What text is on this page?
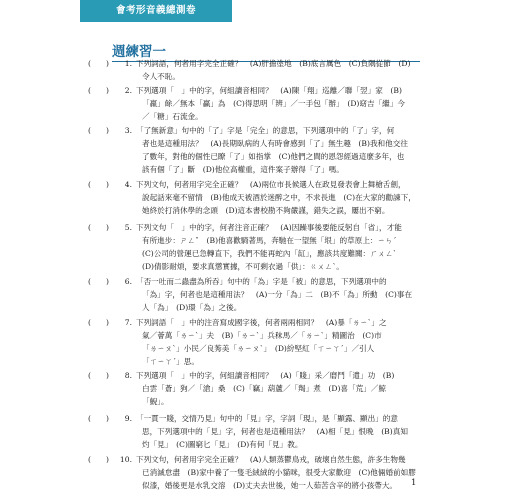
會考形音義總測卷
週練習一
( )	1. 下列詞語，何者用字完全正確？　(A)肝擔塗地　(B)底言厲色　(C)負隅從節　(D)
令人不恥。
( )	2. 下列選項「　」中的字，何組讀音相同？　(A)陳「翔」巡離／聯「翌」家　(B)
「羸」餘／無本「贏」為　(C)得思明「辨」／一手包「辦」　(D)窈吉「繼」今
／「糖」石流金。
( )	3. 「了無新意」句中的「了」字是「完全」的意思，下列選項中的「了」字，何
者也是這種用法？　(A)長期臥病的人有時會感到「了」無生趣　(B)我和他交往
了數年，對他的個性已瞭「了」如指掌　(C)他們之間的恩怨經過這麼多年，也
該有個「了」斷　(D)他位高權重，這件案子辦得「了」嗎。
( )	4. 下列文句，何者用字完全正確？　(A)兩位市長候選人在政見發表會上舞槍舌劍，
說起話來毫不留情　(B)他成天被酒於迷醉之中，不求長進　(C)在大家的勸諫下，
她終於打消休學的念頭　(D)這本書校勘不夠嚴謹，錯失之誤，屢出不窮。
( )	5. 下列文句「　」中的字，何者注音正確？　(A)因躁事後要能反躬自「省」，才能
有所進步：ㄕㄥˇ　(B)他喜歡騎著馬，奔馳在一望無「垠」的草原上：ㄧㄣˊ
(C)公司的營運已急轉直下，我們不能再蛇內「缸」，應該共度難關：ㄏㄨㄥˋ
(D)倩影耐煩，要求真懲實據，不可剩衣過「供」：ㄍㄨㄥˋ。
( )	6. 「否一吐而二蟲盡為所吞」句中的「為」字是「被」的意思，下列選項中的
「為」字，何者也是這種用法？　(A)一分「為」二　(B)不「為」所動　(C)事在
人「為」　(D)環「為」之後。
( )	7. 下列詞語「　」中的注音寫成國字後，何者兩兩相同？　(A)暴「ㄌㄧˋ」之
氣／薈萬「ㄌㄧˋ」夫　(B)「ㄌㄧˋ」兵秣馬／「ㄌㄧˋ」精圖治　(C)市
「ㄌㄧㄡˋ」小民／良莠美「ㄌㄧㄡˋ」　(D)紛堅紅「ㄒㄧㄚˊ」／引人
「ㄒㄧㄚˊ」思。
( )	8. 下列選項「　」中的字，何組讀音相同？　(A)「賤」采／磨鬥「遣」功　(B)
白雲「蒼」狗／「滄」桑　(C)「竊」葫蘆／「羯」煮　(D)喜「荒」／鯨
「鯢」。
( )	9. 「一貫一賤，交情乃見」句中的「見」字，字詞「現」，是「顯露、顯出」的意
思，下列選項中的「見」字，何者也是這種用法？　(A)相「見」恨晚　(B)真知
灼「見」　(C)圖窮匕「見」　(D)有何「見」教。
( )	10. 下列文句，何者用字完全正確？　(A)人類蒸鬱鳥戎，破壞自然生態，許多生物幾
已消滅怠盡　(B)家中養了一隻毛絨絨的小貓咪，很受大家歡迎　(C)他倆婚前如膠
似漆，婚後更是水乳交溶　(D)丈夫去世後，她一人茹苦含辛的將小孩帶大。	1
